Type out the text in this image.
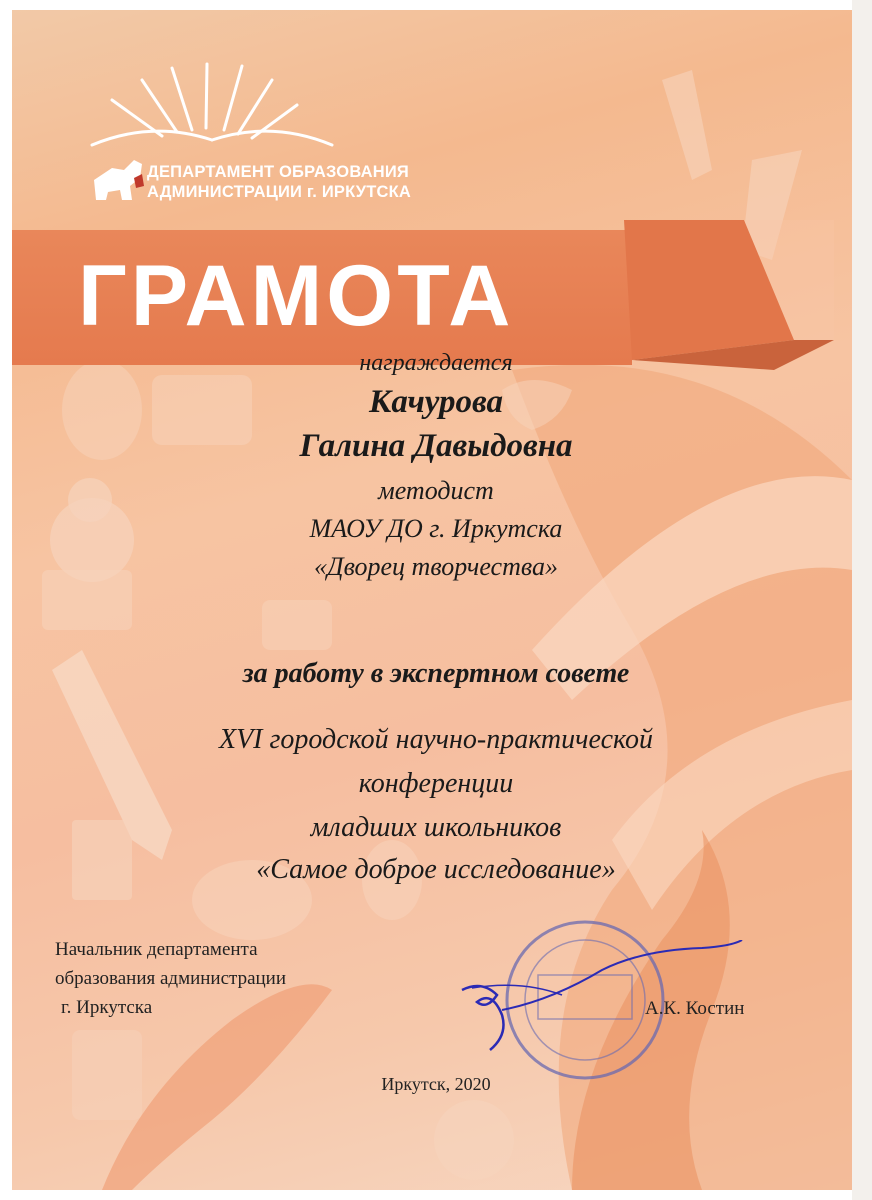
ДЕПАРТАМЕНТ ОБРАЗОВАНИЯ
АДМИНИСТРАЦИИ г. ИРКУТСКА
ГРАМОТА
награждается
Качурова
Галина Давыдовна
методист
МАОУ ДО г. Иркутска
«Дворец творчества»
за работу в экспертном совете
XVI городской научно-практической
конференции
младших школьников
«Самое доброе исследование»
Начальник департамента
образования администрации
г. Иркутска	А.К. Костин
Иркутск, 2020
